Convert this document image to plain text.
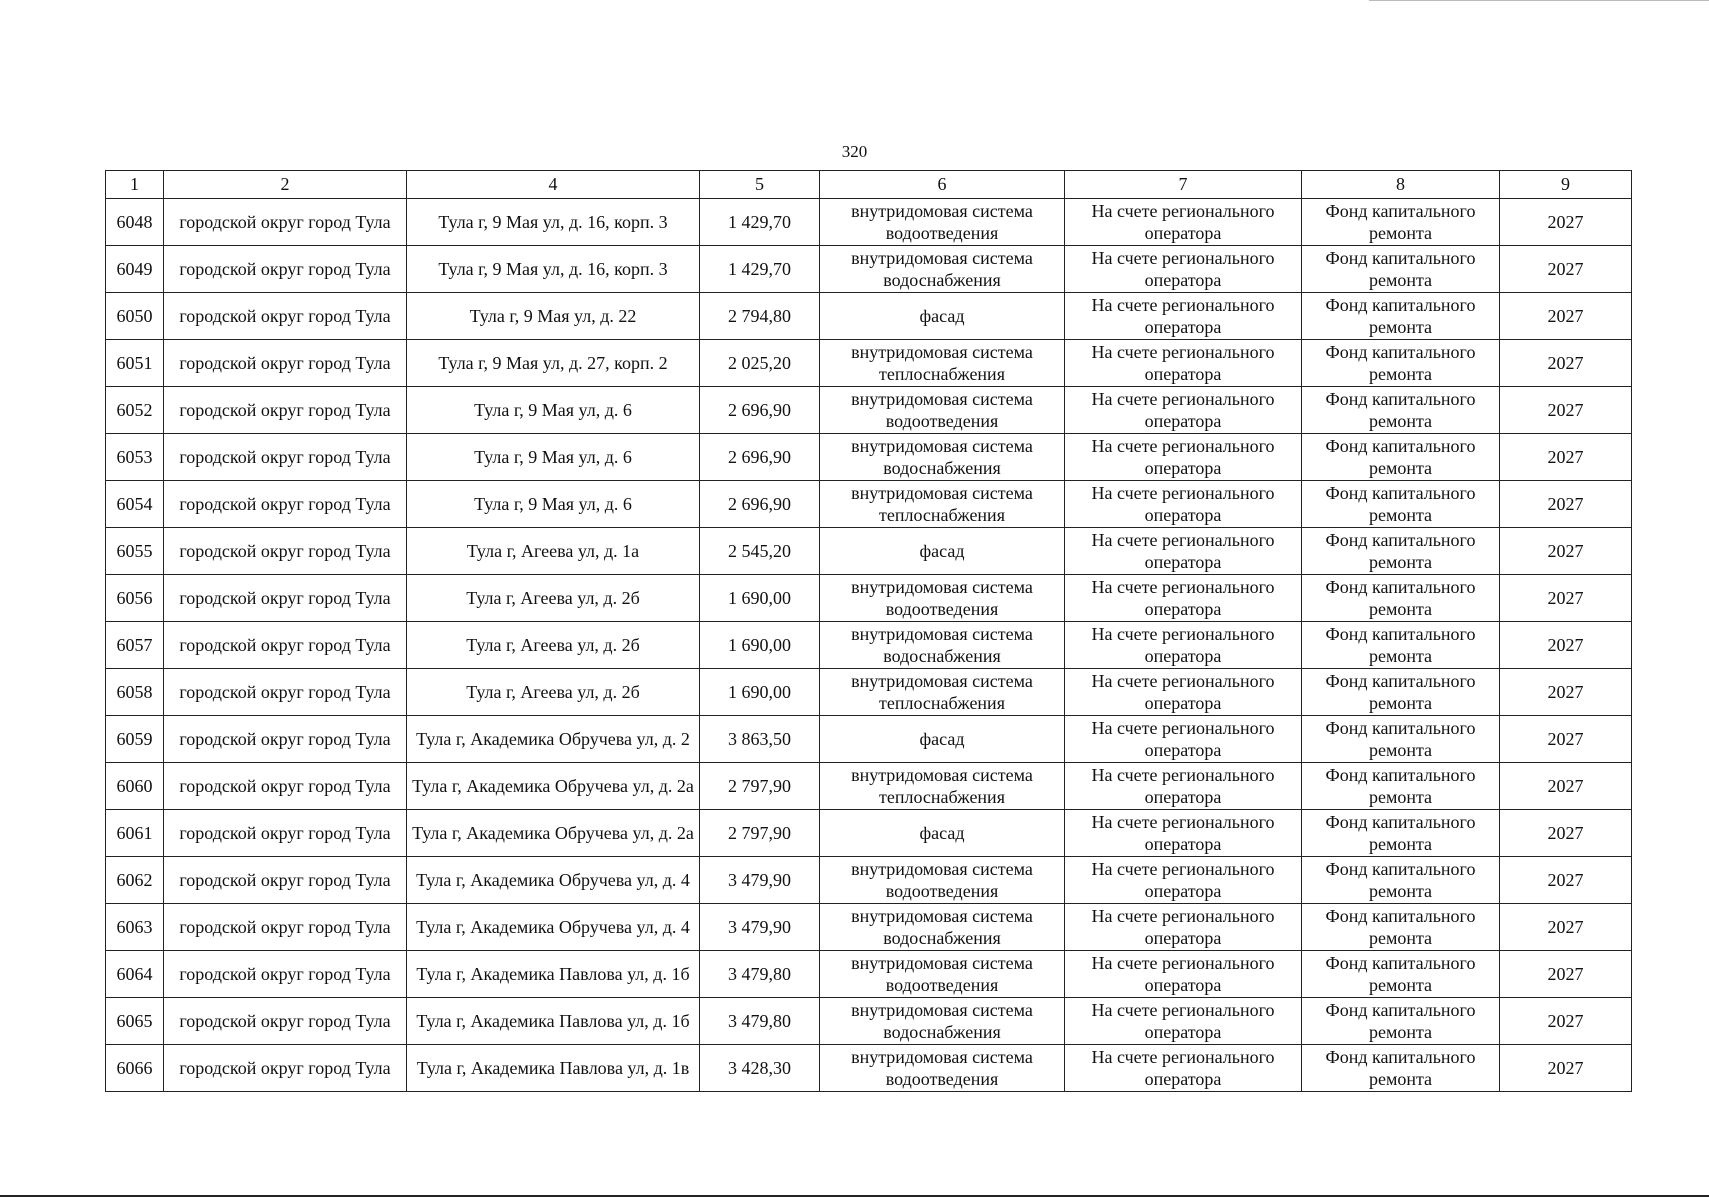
320
1	2	4	5	6	7	8	9
6048	городской округ город Тула	Тула г, 9 Мая ул, д. 16, корп. 3	1 429,70	внутридомовая система водоотведения	На счете регионального оператора	Фонд капитального ремонта	2027
6049	городской округ город Тула	Тула г, 9 Мая ул, д. 16, корп. 3	1 429,70	внутридомовая система водоснабжения	На счете регионального оператора	Фонд капитального ремонта	2027
6050	городской округ город Тула	Тула г, 9 Мая ул, д. 22	2 794,80	фасад	На счете регионального оператора	Фонд капитального ремонта	2027
6051	городской округ город Тула	Тула г, 9 Мая ул, д. 27, корп. 2	2 025,20	внутридомовая система теплоснабжения	На счете регионального оператора	Фонд капитального ремонта	2027
6052	городской округ город Тула	Тула г, 9 Мая ул, д. 6	2 696,90	внутридомовая система водоотведения	На счете регионального оператора	Фонд капитального ремонта	2027
6053	городской округ город Тула	Тула г, 9 Мая ул, д. 6	2 696,90	внутридомовая система водоснабжения	На счете регионального оператора	Фонд капитального ремонта	2027
6054	городской округ город Тула	Тула г, 9 Мая ул, д. 6	2 696,90	внутридомовая система теплоснабжения	На счете регионального оператора	Фонд капитального ремонта	2027
6055	городской округ город Тула	Тула г, Агеева ул, д. 1а	2 545,20	фасад	На счете регионального оператора	Фонд капитального ремонта	2027
6056	городской округ город Тула	Тула г, Агеева ул, д. 2б	1 690,00	внутридомовая система водоотведения	На счете регионального оператора	Фонд капитального ремонта	2027
6057	городской округ город Тула	Тула г, Агеева ул, д. 2б	1 690,00	внутридомовая система водоснабжения	На счете регионального оператора	Фонд капитального ремонта	2027
6058	городской округ город Тула	Тула г, Агеева ул, д. 2б	1 690,00	внутридомовая система теплоснабжения	На счете регионального оператора	Фонд капитального ремонта	2027
6059	городской округ город Тула	Тула г, Академика Обручева ул, д. 2	3 863,50	фасад	На счете регионального оператора	Фонд капитального ремонта	2027
6060	городской округ город Тула	Тула г, Академика Обручева ул, д. 2а	2 797,90	внутридомовая система теплоснабжения	На счете регионального оператора	Фонд капитального ремонта	2027
6061	городской округ город Тула	Тула г, Академика Обручева ул, д. 2а	2 797,90	фасад	На счете регионального оператора	Фонд капитального ремонта	2027
6062	городской округ город Тула	Тула г, Академика Обручева ул, д. 4	3 479,90	внутридомовая система водоотведения	На счете регионального оператора	Фонд капитального ремонта	2027
6063	городской округ город Тула	Тула г, Академика Обручева ул, д. 4	3 479,90	внутридомовая система водоснабжения	На счете регионального оператора	Фонд капитального ремонта	2027
6064	городской округ город Тула	Тула г, Академика Павлова ул, д. 1б	3 479,80	внутридомовая система водоотведения	На счете регионального оператора	Фонд капитального ремонта	2027
6065	городской округ город Тула	Тула г, Академика Павлова ул, д. 1б	3 479,80	внутридомовая система водоснабжения	На счете регионального оператора	Фонд капитального ремонта	2027
6066	городской округ город Тула	Тула г, Академика Павлова ул, д. 1в	3 428,30	внутридомовая система водоотведения	На счете регионального оператора	Фонд капитального ремонта	2027
